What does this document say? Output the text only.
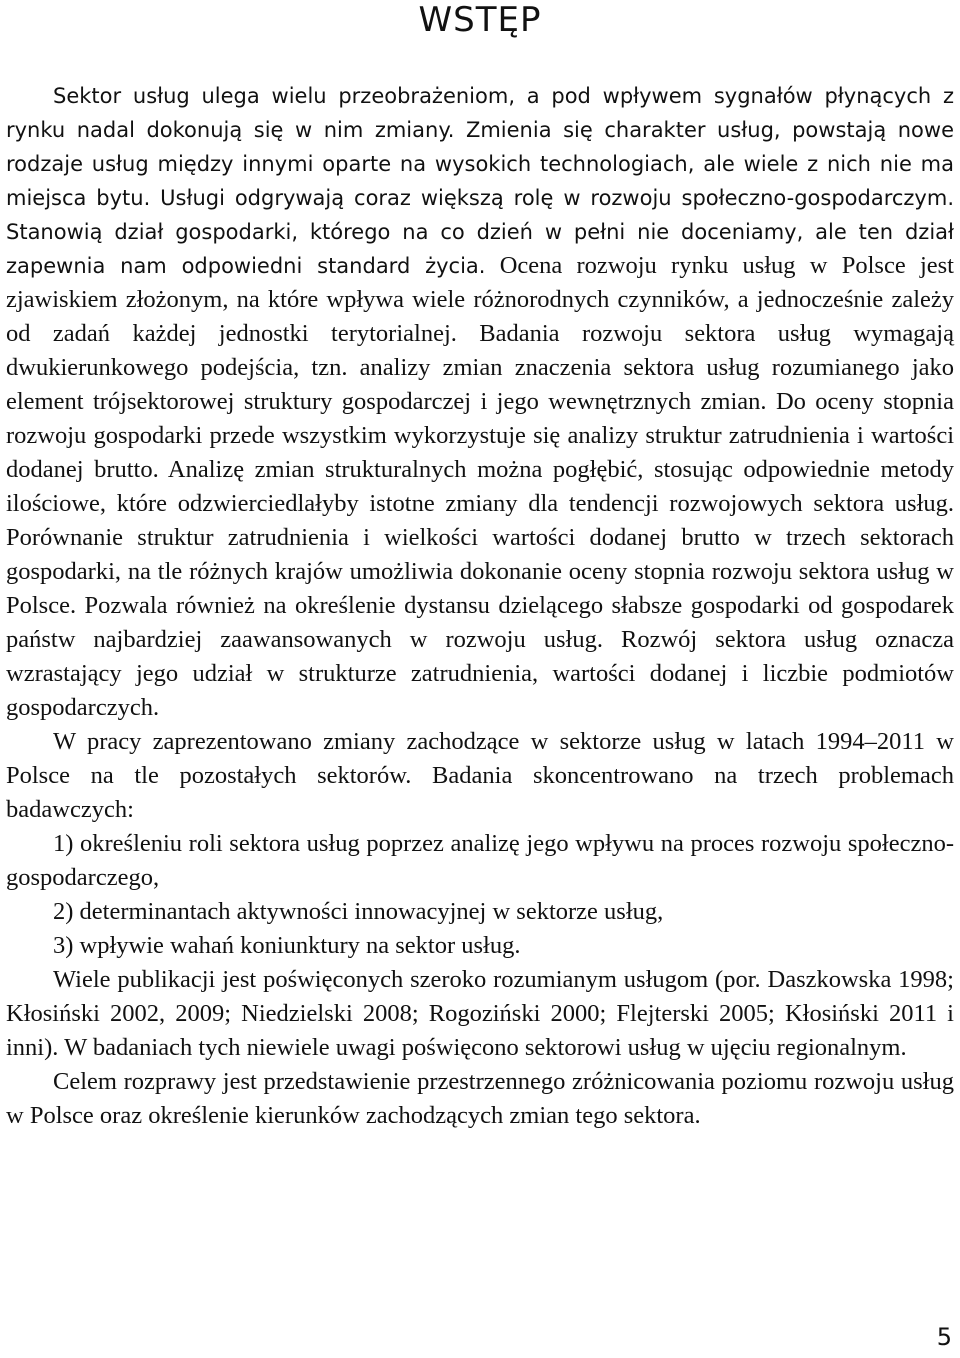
WSTĘP

Sektor usług ulega wielu przeobrażeniom, a pod wpływem sygnałów płynących z rynku nadal dokonują się w nim zmiany. Zmienia się charakter usług, powstają nowe rodzaje usług między innymi oparte na wysokich technologiach, ale wiele z nich nie ma miejsca bytu. Usługi odgrywają coraz większą rolę w rozwoju społeczno-gospodarczym. Stanowią dział gospodarki, którego na co dzień w pełni nie doceniamy, ale ten dział zapewnia nam odpowiedni standard życia. Ocena rozwoju rynku usług w Polsce jest zjawiskiem złożonym, na które wpływa wiele różnorodnych czynników, a jednocześnie zależy od zadań każdej jednostki terytorialnej. Badania rozwoju sektora usług wymagają dwukierunkowego podejścia, tzn. analizy zmian znaczenia sektora usług rozumianego jako element trójsektorowej struktury gospodarczej i jego wewnętrznych zmian. Do oceny stopnia rozwoju gospodarki przede wszystkim wykorzystuje się analizy struktur zatrudnienia i wartości dodanej brutto. Analizę zmian strukturalnych można pogłębić, stosując odpowiednie metody ilościowe, które odzwierciedlałyby istotne zmiany dla tendencji rozwojowych sektora usług. Porównanie struktur zatrudnienia i wielkości wartości dodanej brutto w trzech sektorach gospodarki, na tle różnych krajów umożliwia dokonanie oceny stopnia rozwoju sektora usług w Polsce. Pozwala również na określenie dystansu dzielącego słabsze gospodarki od gospodarek państw najbardziej zaawansowanych w rozwoju usług. Rozwój sektora usług oznacza wzrastający jego udział w strukturze zatrudnienia, wartości dodanej i liczbie podmiotów gospodarczych.

W pracy zaprezentowano zmiany zachodzące w sektorze usług w latach 1994–2011 w Polsce na tle pozostałych sektorów. Badania skoncentrowano na trzech problemach badawczych:

1) określeniu roli sektora usług poprzez analizę jego wpływu na proces rozwoju społeczno-gospodarczego,

2) determinantach aktywności innowacyjnej w sektorze usług,

3) wpływie wahań koniunktury na sektor usług.

Wiele publikacji jest poświęconych szeroko rozumianym usługom (por. Daszkowska 1998; Kłosiński 2002, 2009; Niedzielski 2008; Rogoziński 2000; Flejterski 2005; Kłosiński 2011 i inni). W badaniach tych niewiele uwagi poświęcono sektorowi usług w ujęciu regionalnym.

Celem rozprawy jest przedstawienie przestrzennego zróżnicowania poziomu rozwoju usług w Polsce oraz określenie kierunków zachodzących zmian tego sektora.

5
